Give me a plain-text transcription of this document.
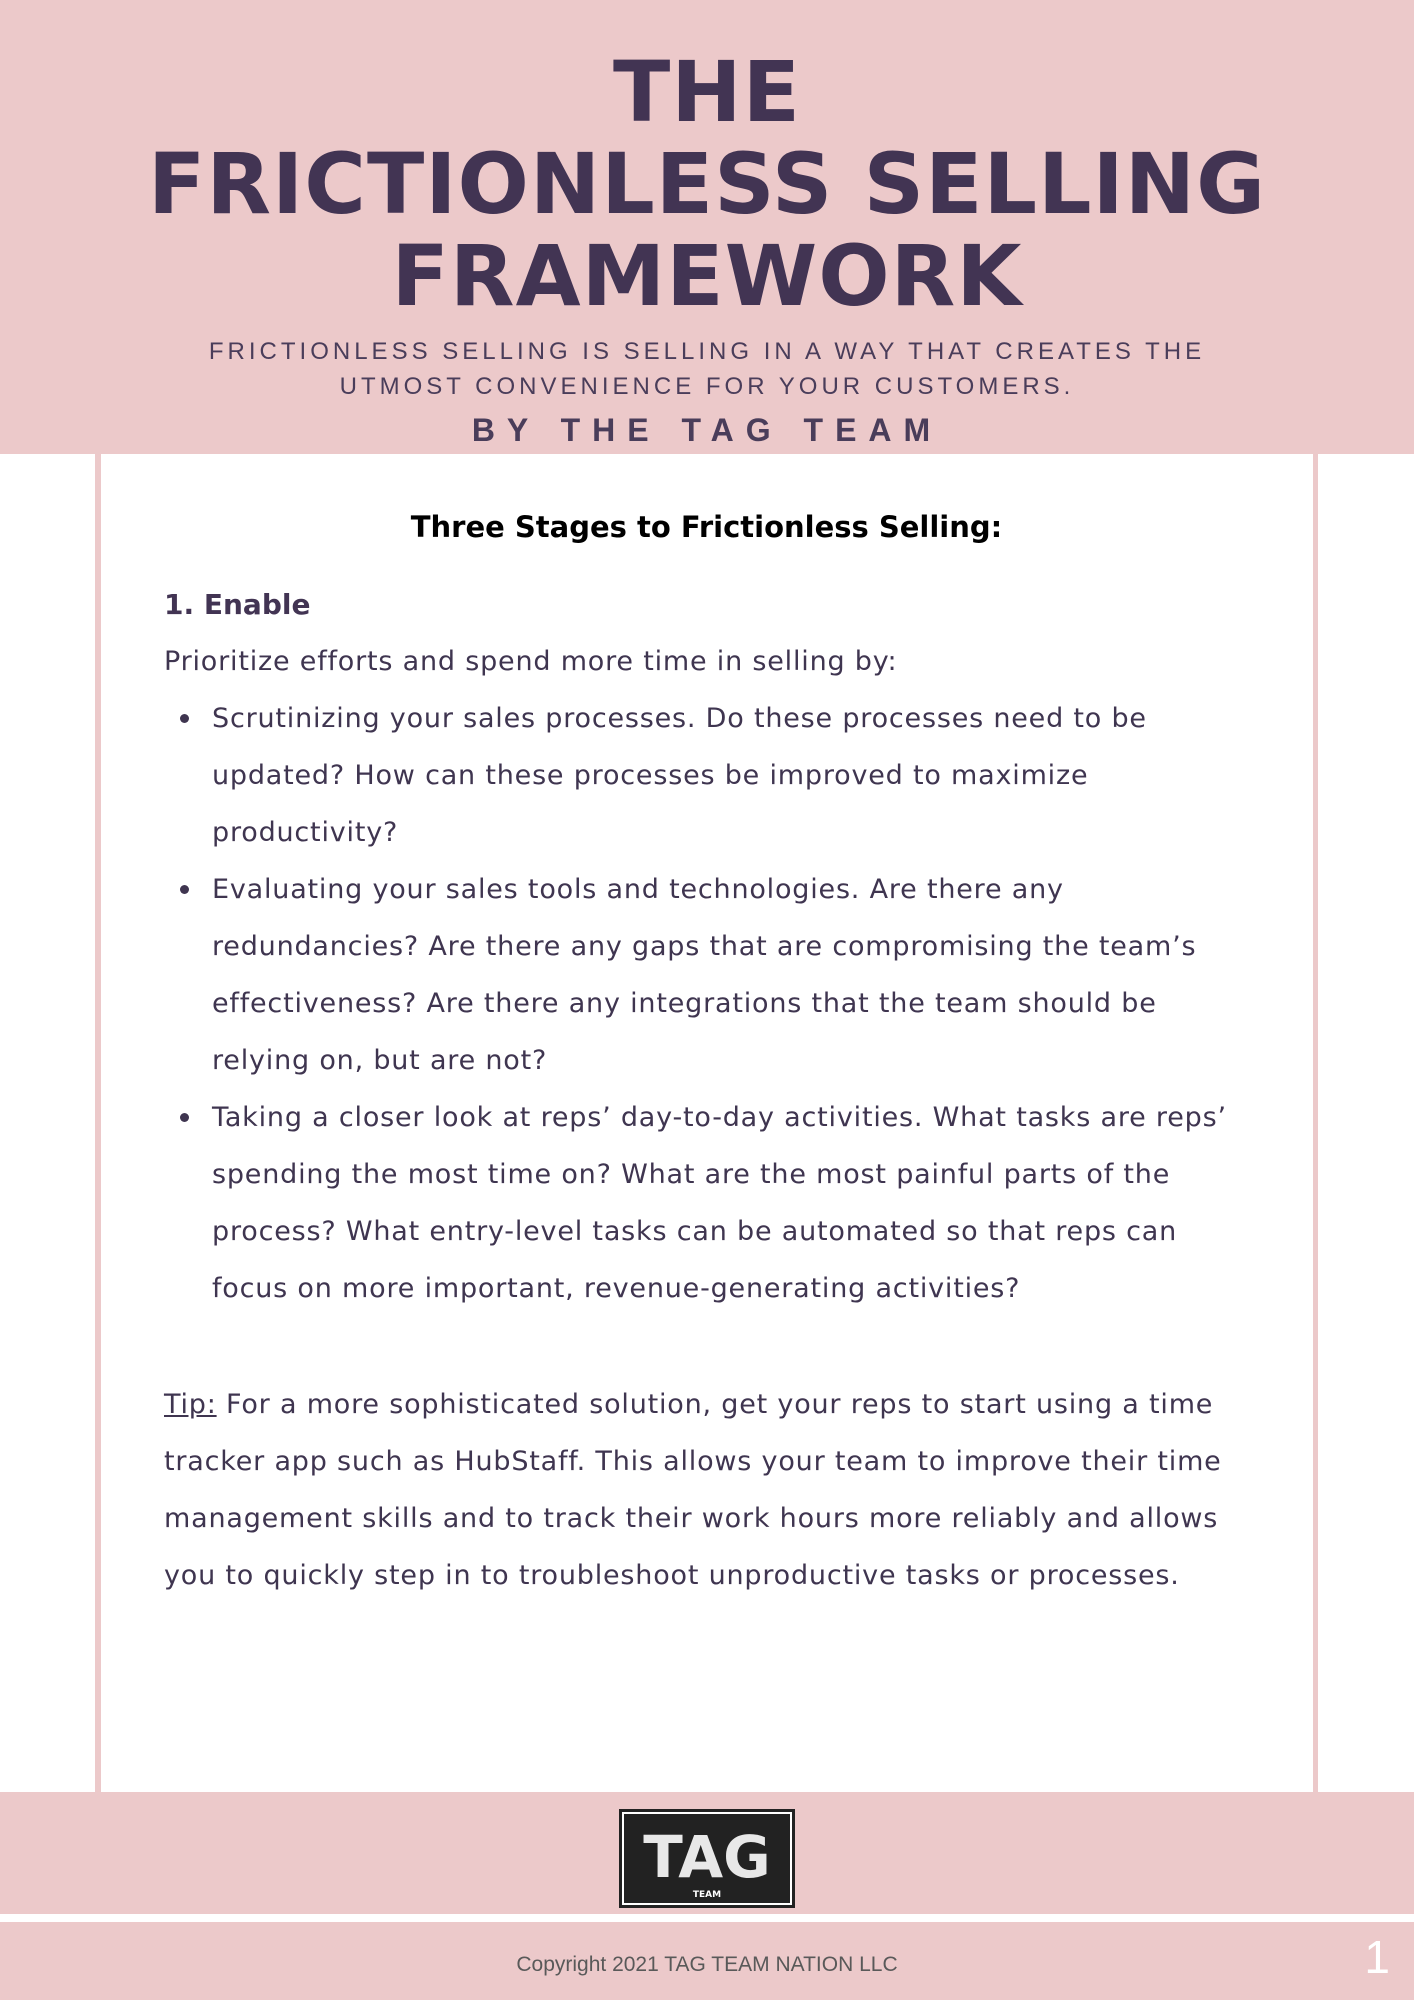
THE
FRICTIONLESS SELLING
FRAMEWORK
FRICTIONLESS SELLING IS SELLING IN A WAY THAT CREATES THE
UTMOST CONVENIENCE FOR YOUR CUSTOMERS.
BY THE TAG TEAM
Three Stages to Frictionless Selling:
1. Enable
Prioritize efforts and spend more time in selling by:
Scrutinizing your sales processes. Do these processes need to be
updated? How can these processes be improved to maximize
productivity?
Evaluating your sales tools and technologies. Are there any
redundancies? Are there any gaps that are compromising the team’s
effectiveness? Are there any integrations that the team should be
relying on, but are not?
Taking a closer look at reps’ day-to-day activities. What tasks are reps’
spending the most time on? What are the most painful parts of the
process? What entry-level tasks can be automated so that reps can
focus on more important, revenue-generating activities?
Tip: For a more sophisticated solution, get your reps to start using a time
tracker app such as HubStaff. This allows your team to improve their time
management skills and to track their work hours more reliably and allows
you to quickly step in to troubleshoot unproductive tasks or processes.
TAG
TEAM
Copyright 2021 TAG TEAM NATION LLC	1
